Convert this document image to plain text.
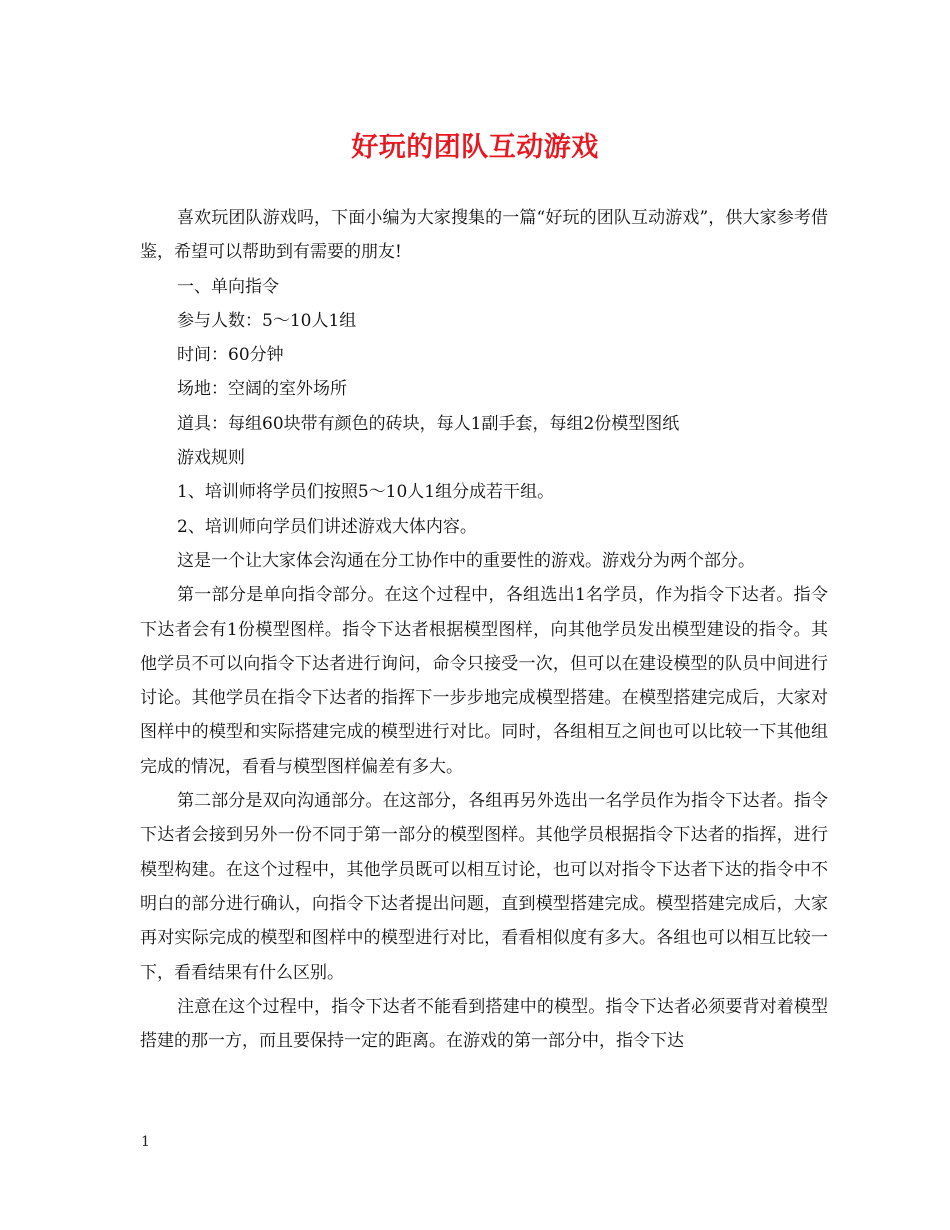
好玩的团队互动游戏

喜欢玩团队游戏吗，下面小编为大家搜集的一篇“好玩的团队互动游戏”，供大家参考借鉴，希望可以帮助到有需要的朋友!

一、单向指令

参与人数：5～10人1组

时间：60分钟

场地：空阔的室外场所

道具：每组60块带有颜色的砖块，每人1副手套，每组2份模型图纸

游戏规则

1、培训师将学员们按照5～10人1组分成若干组。

2、培训师向学员们讲述游戏大体内容。

这是一个让大家体会沟通在分工协作中的重要性的游戏。游戏分为两个部分。

第一部分是单向指令部分。在这个过程中，各组选出1名学员，作为指令下达者。指令下达者会有1份模型图样。指令下达者根据模型图样，向其他学员发出模型建设的指令。其他学员不可以向指令下达者进行询问，命令只接受一次，但可以在建设模型的队员中间进行讨论。其他学员在指令下达者的指挥下一步步地完成模型搭建。在模型搭建完成后，大家对图样中的模型和实际搭建完成的模型进行对比。同时，各组相互之间也可以比较一下其他组完成的情况，看看与模型图样偏差有多大。

第二部分是双向沟通部分。在这部分，各组再另外选出一名学员作为指令下达者。指令下达者会接到另外一份不同于第一部分的模型图样。其他学员根据指令下达者的指挥，进行模型构建。在这个过程中，其他学员既可以相互讨论，也可以对指令下达者下达的指令中不明白的部分进行确认，向指令下达者提出问题，直到模型搭建完成。模型搭建完成后，大家再对实际完成的模型和图样中的模型进行对比，看看相似度有多大。各组也可以相互比较一下，看看结果有什么区别。

注意在这个过程中，指令下达者不能看到搭建中的模型。指令下达者必须要背对着模型搭建的那一方，而且要保持一定的距离。在游戏的第一部分中，指令下达

1
